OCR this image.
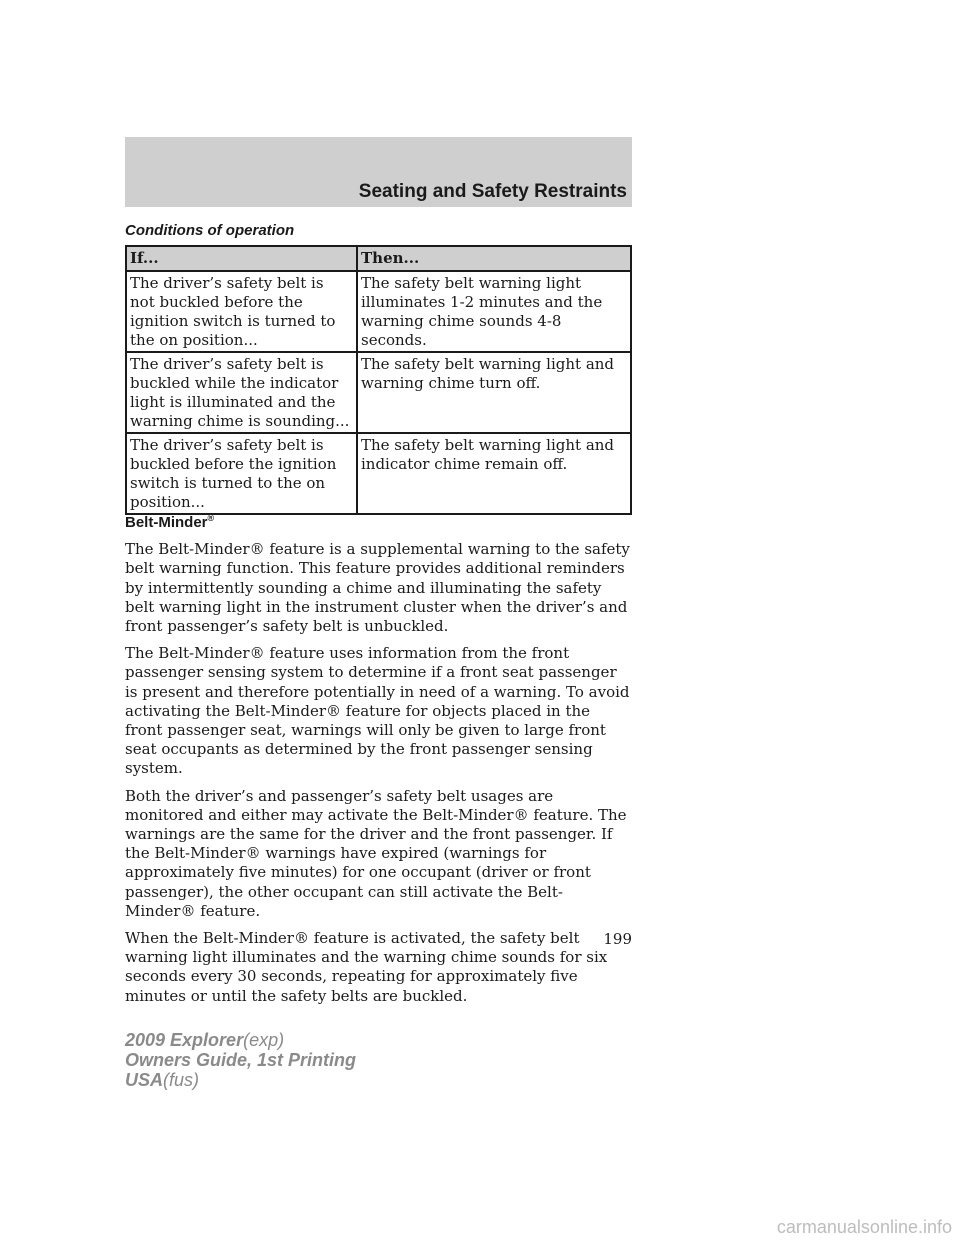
Seating and Safety Restraints
Conditions of operation
If...	Then...
The driver’s safety belt is not buckled before the ignition switch is turned to the on position...	The safety belt warning light illuminates 1-2 minutes and the warning chime sounds 4-8 seconds.
The driver’s safety belt is buckled while the indicator light is illuminated and the warning chime is sounding...	The safety belt warning light and warning chime turn off.
The driver’s safety belt is buckled before the ignition switch is turned to the on position...	The safety belt warning light and indicator chime remain off.
Belt-Minder®

The Belt-Minder® feature is a supplemental warning to the safety belt warning function. This feature provides additional reminders by intermittently sounding a chime and illuminating the safety belt warning light in the instrument cluster when the driver’s and front passenger’s safety belt is unbuckled.

The Belt-Minder® feature uses information from the front passenger sensing system to determine if a front seat passenger is present and therefore potentially in need of a warning. To avoid activating the Belt-Minder® feature for objects placed in the front passenger seat, warnings will only be given to large front seat occupants as determined by the front passenger sensing system.

Both the driver’s and passenger’s safety belt usages are monitored and either may activate the Belt-Minder® feature. The warnings are the same for the driver and the front passenger. If the Belt-Minder® warnings have expired (warnings for approximately five minutes) for one occupant (driver or front passenger), the other occupant can still activate the Belt-Minder® feature.

When the Belt-Minder® feature is activated, the safety belt warning light illuminates and the warning chime sounds for six seconds every 30 seconds, repeating for approximately five minutes or until the safety belts are buckled.

199
2009 Explorer(exp)
Owners Guide, 1st Printing
USA(fus)
carmanualsonline.info
